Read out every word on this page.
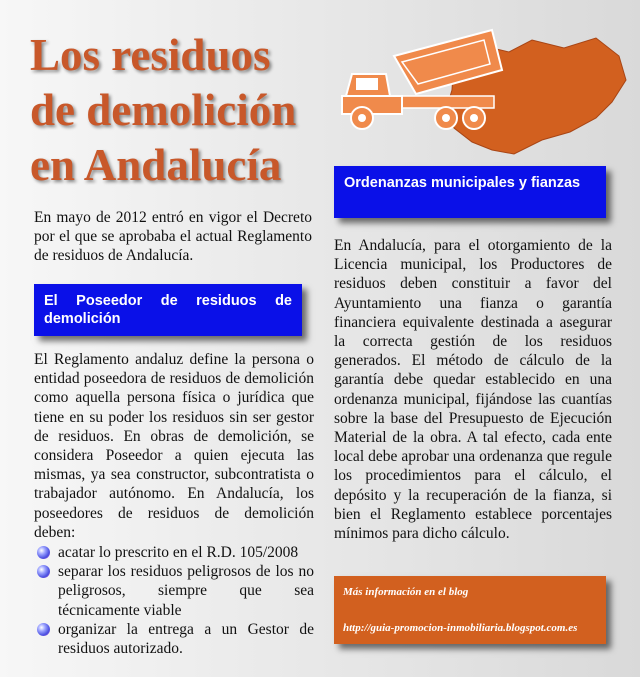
Los residuos
de demolición
en Andalucía
En mayo de 2012 entró en vigor el Decreto por el que se aprobaba el actual Reglamento de residuos de Andalucía.
El Poseedor de residuos de demolición
El Reglamento andaluz define la persona o entidad poseedora de residuos de demolición como aquella persona física o jurídica que tiene en su poder los residuos sin ser gestor de residuos. En obras de demolición, se considera Poseedor a quien ejecuta las mismas, ya sea constructor, subcontratista o trabajador autónomo. En Andalucía, los poseedores de residuos de demolición deben:
acatar lo prescrito en el R.D. 105/2008
separar los residuos peligrosos de los no peligrosos, siempre que sea técnicamente viable
organizar la entrega a un Gestor de residuos autorizado.
Ordenanzas municipales y fianzas
En Andalucía, para el otorgamiento de la Licencia municipal, los Productores de residuos deben constituir a favor del Ayuntamiento una fianza o garantía financiera equivalente destinada a asegurar la correcta gestión de los residuos generados. El método de cálculo de la garantía debe quedar establecido en una ordenanza municipal, fijándose las cuantías sobre la base del Presupuesto de Ejecución Material de la obra. A tal efecto, cada ente local debe aprobar una ordenanza que regule los procedimientos para el cálculo, el depósito y la recuperación de la fianza, si bien el Reglamento establece porcentajes mínimos para dicho cálculo.
Más información en el blog
http://guia-promocion-inmobiliaria.blogspot.com.es
